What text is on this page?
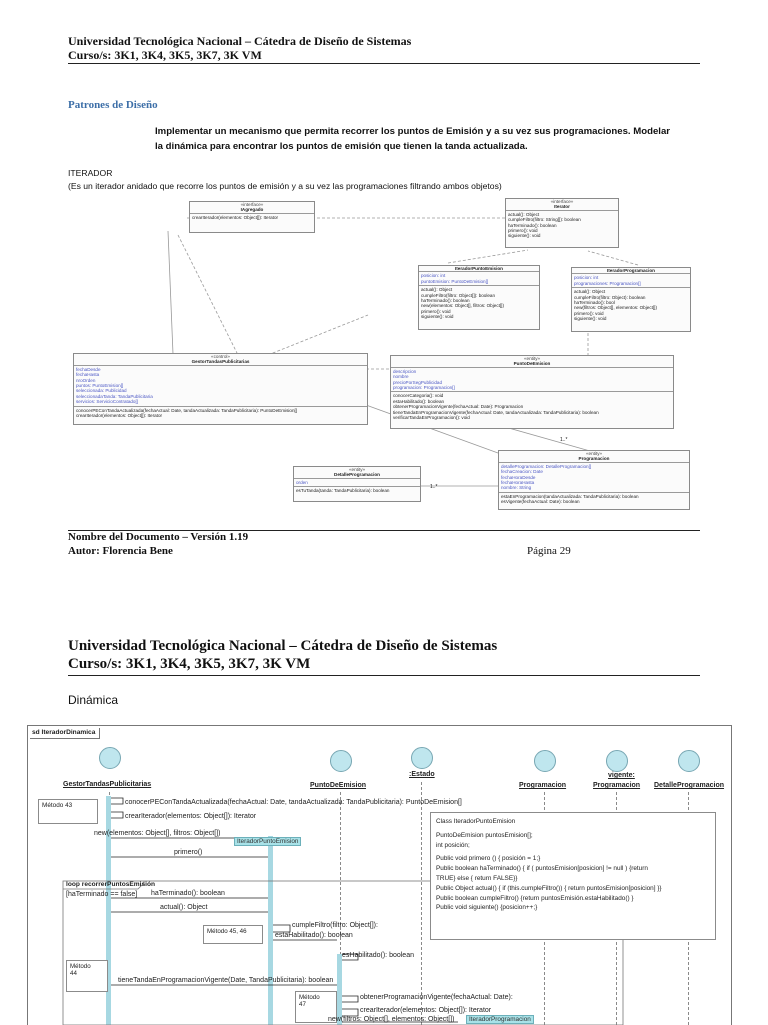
Universidad Tecnológica Nacional – Cátedra de Diseño de Sistemas
Curso/s: 3K1, 3K4, 3K5, 3K7, 3K VM
Patrones de Diseño
Implementar un mecanismo que permita recorrer los puntos de Emisión y a su vez sus programaciones. Modelar
la dinámica para encontrar los puntos de emisión que tienen la tanda actualizada.
ITERADOR
(Es un iterador anidado que recorre los puntos de emisión y a su vez las programaciones filtrando ambos objetos)
«interface»
IAgregado
crearIterador(elementos: Object[]): Iterator
«interface»
Iterator
actual(): Object
cumpleFiltro(filtro: String[]): boolean
haTerminado(): boolean
primero(): void
siguiente(): void
IteradorPuntoEmision
posicion: int
puntoEmision: PuntoDeEmision[]
actual(): Object
cumpleFiltro(filtro: Object[]): boolean
haTerminado(): boolean
new(elementos: Object[], filtros: Object[])
primero(): void
siguiente(): void
IteradorProgramacion
posicion: int
programaciones: Programacion[]
actual(): Object
cumpleFiltro(filtro: Object): boolean
haTerminado(): bool
new(filtros: Object[], elementos: Object[])
primero(): void
siguiente(): void
«control»
GestorTandasPublicitarias
fechaDesde
fechaHasta
nroOrden
puntos: PuntoEmision[]
seleccionada: Publicidad
seleccionadaTanda: TandaPublicitaria
servicios: ServicioContratado[]
conocerPEConTandaActualizada(fechaActual: Date, tandaActualizada: TandaPublicitaria): PuntoDeEmision[]
crearIterador(elementos: Object[]): Iterator
«entity»
PuntoDeEmision
descripcion
nombre
precioPorSegPublicidad
programacion: Programacion[]
conocerCategoria(): void
estaHabilitado(): boolean
obtenerProgramacionVigente(fechaActual: Date): Programacion
tieneTandaEnProgramacionVigente(fechaActual: Date, tandaActualizada: TandaPublicitaria): boolean
verificarTandaEnProgramacion(): void
1..*
«entity»
Programacion
detalleProgramacion: DetalleProgramacion[]
fechaCreacion: Date
fechaHoraDesde
fechaHoraHasta
nombre: String
estaEnProgramacion(tandaActualizada: TandaPublicitaria): boolean
esVigente(fechaActual: Date): boolean
1..*
«entity»
DetalleProgramacion
orden
esTuTanda(tanda: TandaPublicitaria): boolean
Nombre del Documento – Versión 1.19
Autor: Florencia Bene	Página 29
Universidad Tecnológica Nacional – Cátedra de Diseño de Sistemas
Curso/s: 3K1, 3K4, 3K5, 3K7, 3K VM
Dinámica
sd IteradorDinamica
GestorTandasPublicitarias	PuntoDeEmision
:Estado
Programacion
vigente:
Programacion DetalleProgramacion
Método 43	conocerPEConTandaActualizada(fechaActual: Date, tandaActualizada: TandaPublicitaria): PuntoDeEmision[]
crearIterador(elementos: Object[]): Iterator
new(elementos: Object[], filtros: Object[])
IteradorPuntoEmision
primero()
loop recorrerPuntosEmisión
[haTerminado == false] haTerminado(): boolean
actual(): Object
cumpleFiltro(filtro: Object[]):
estaHabilitado(): boolean
Método 45, 46
esHabilitado(): boolean
Método
44
tieneTandaEnProgramacionVigente(Date, TandaPublicitaria): boolean
Método
47
obtenerProgramaciónVigente(fechaActual: Date):
crearIterador(elementos: Object[]): Iterator
new(filtros: Object[], elementos: Object[])	IteradorProgramacion
Class IteradorPuntoEmision
PuntoDeEmision puntosEmision[];
int posición;
Public void primero () { posición = 1;}
Public boolean haTerminado() { if ( puntosEmision[posicion] != null ) {return
TRUE} else { return FALSE}}
Public Object actual() { if (this.cumpleFiltro()) { return puntosEmision[posicion] }}
Public boolean cumpleFiltro() {return puntosEmisión.estaHabilitado() }
Public void siguiente() {posicion++;}
